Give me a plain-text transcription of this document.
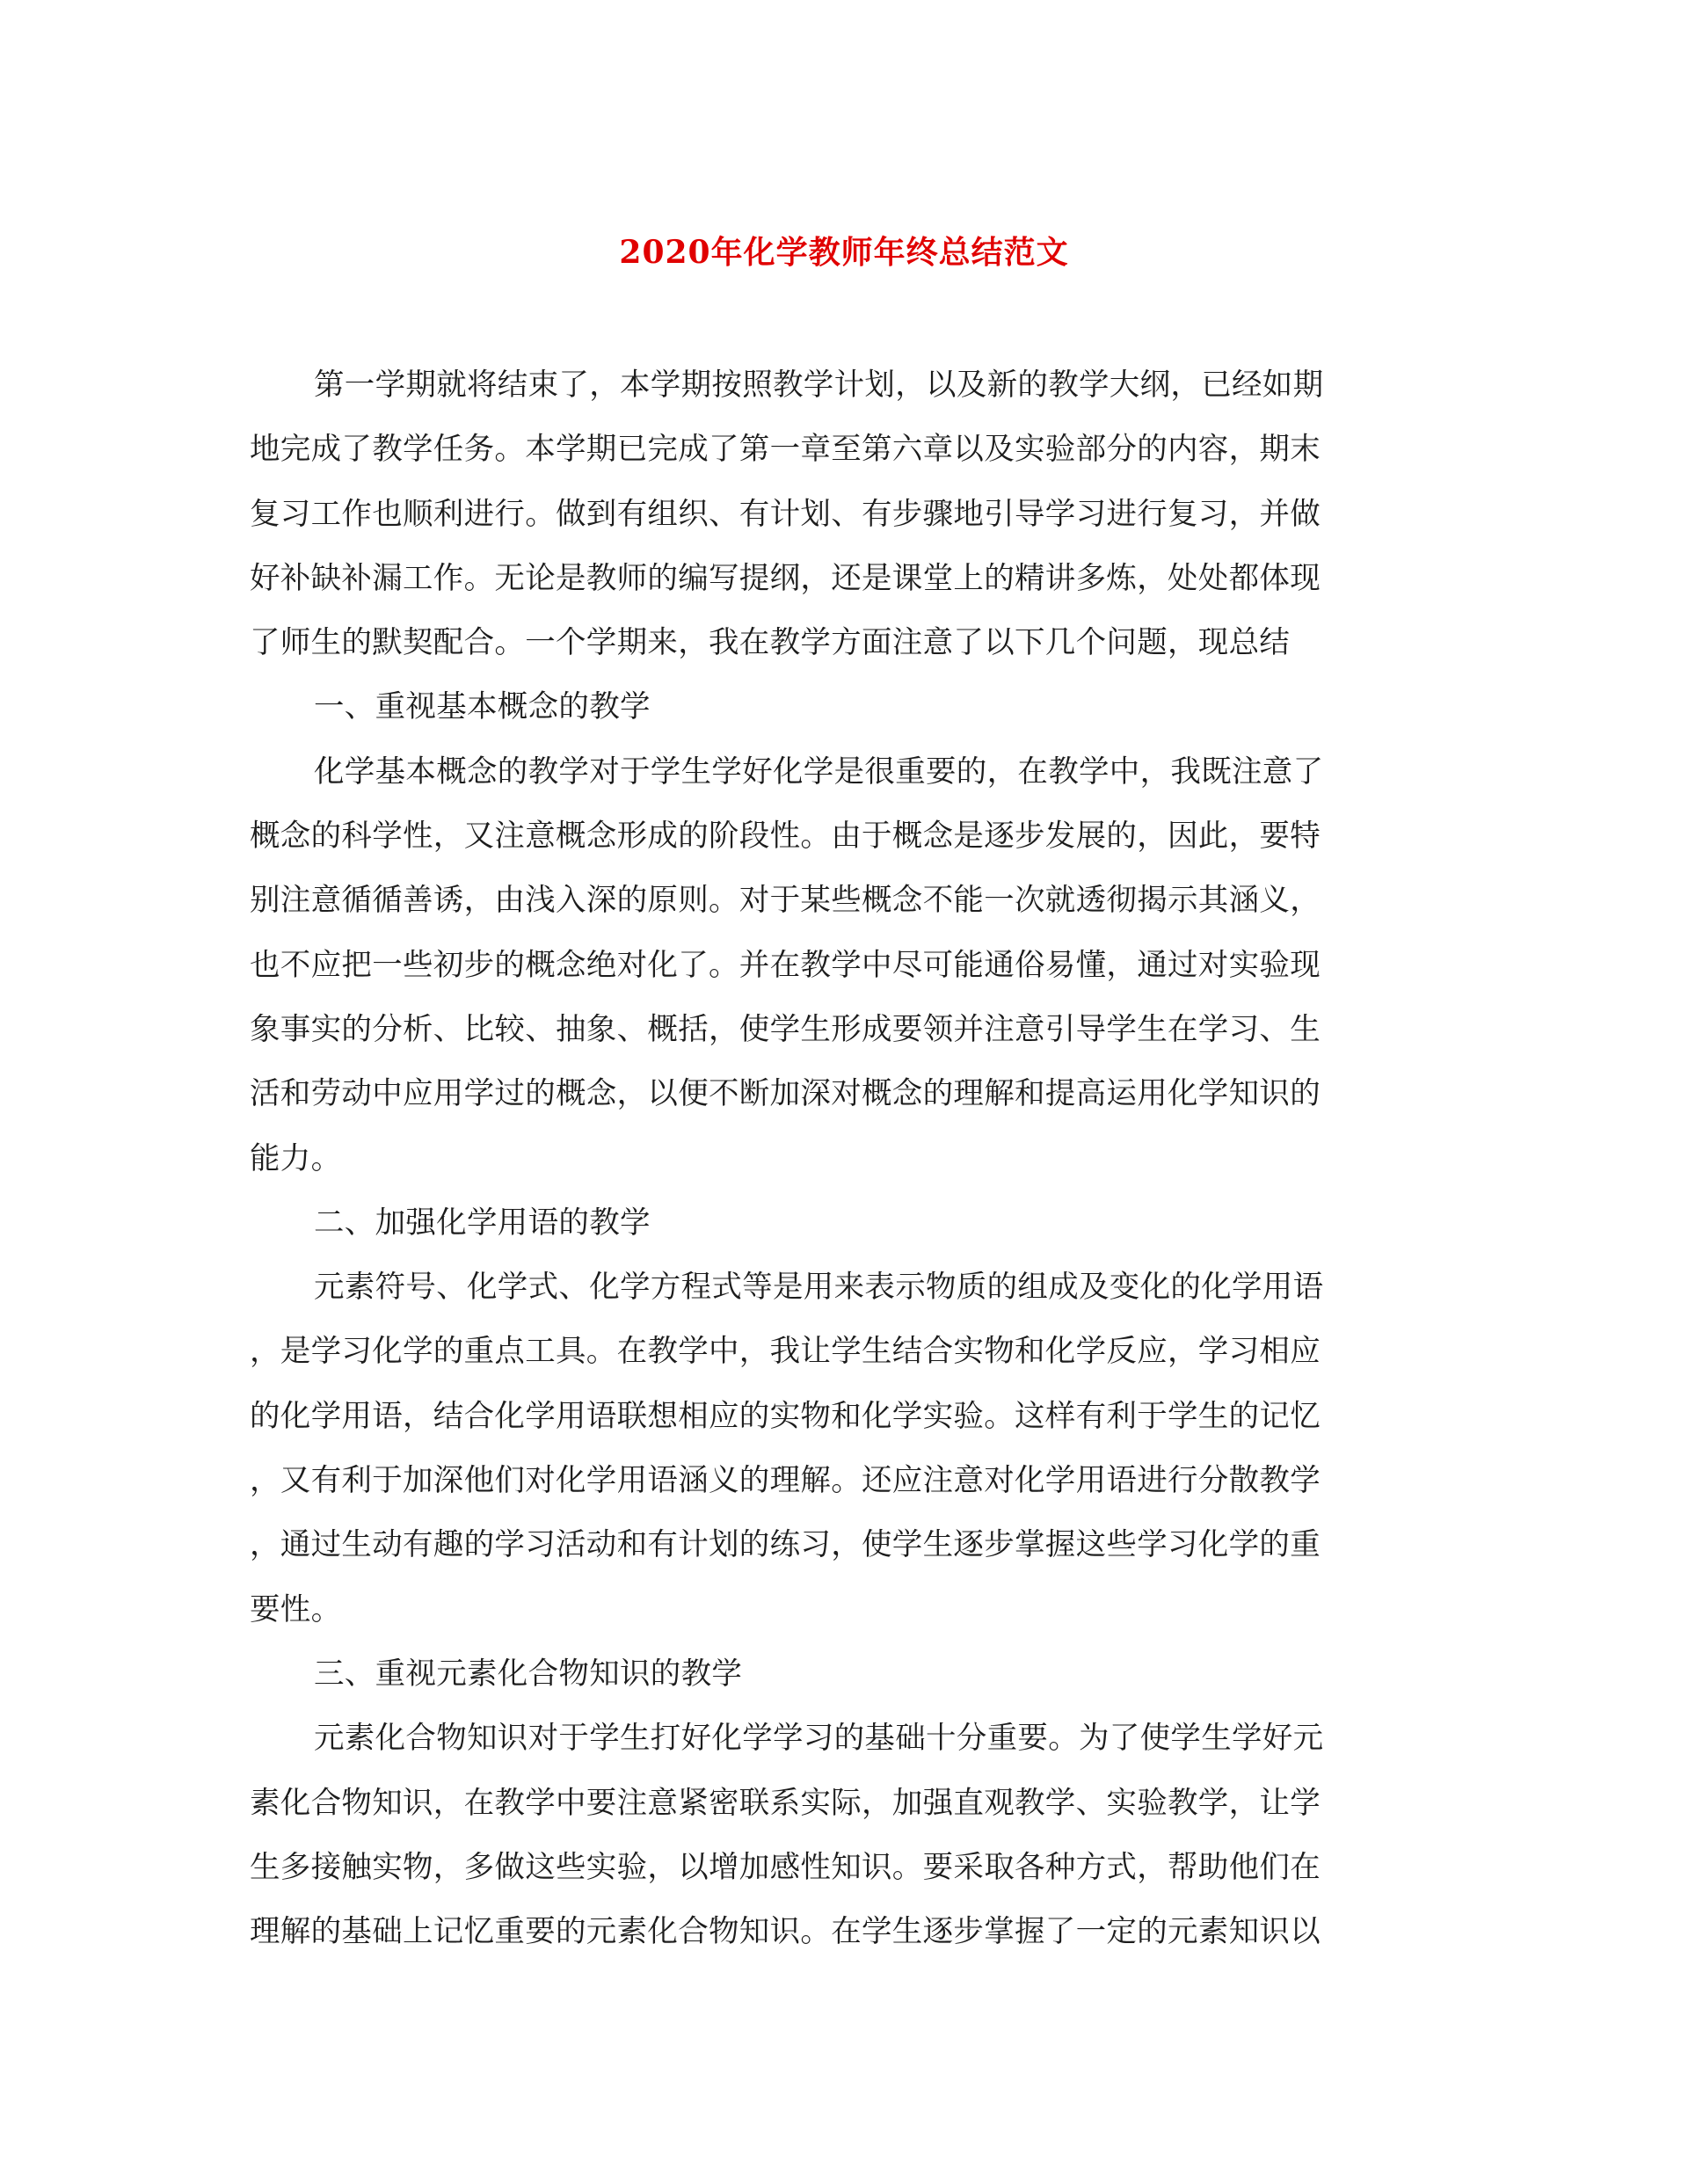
2020年化学教师年终总结范文
第一学期就将结束了，本学期按照教学计划，以及新的教学大纲，已经如期
地完成了教学任务。本学期已完成了第一章至第六章以及实验部分的内容，期末
复习工作也顺利进行。做到有组织、有计划、有步骤地引导学习进行复习，并做
好补缺补漏工作。无论是教师的编写提纲，还是课堂上的精讲多炼，处处都体现
了师生的默契配合。一个学期来，我在教学方面注意了以下几个问题，现总结
一、重视基本概念的教学
化学基本概念的教学对于学生学好化学是很重要的，在教学中，我既注意了
概念的科学性，又注意概念形成的阶段性。由于概念是逐步发展的，因此，要特
别注意循循善诱，由浅入深的原则。对于某些概念不能一次就透彻揭示其涵义，
也不应把一些初步的概念绝对化了。并在教学中尽可能通俗易懂，通过对实验现
象事实的分析、比较、抽象、概括，使学生形成要领并注意引导学生在学习、生
活和劳动中应用学过的概念，以便不断加深对概念的理解和提高运用化学知识的
能力。
二、加强化学用语的教学
元素符号、化学式、化学方程式等是用来表示物质的组成及变化的化学用语
，是学习化学的重点工具。在教学中，我让学生结合实物和化学反应，学习相应
的化学用语，结合化学用语联想相应的实物和化学实验。这样有利于学生的记忆
，又有利于加深他们对化学用语涵义的理解。还应注意对化学用语进行分散教学
，通过生动有趣的学习活动和有计划的练习，使学生逐步掌握这些学习化学的重
要性。
三、重视元素化合物知识的教学
元素化合物知识对于学生打好化学学习的基础十分重要。为了使学生学好元
素化合物知识，在教学中要注意紧密联系实际，加强直观教学、实验教学，让学
生多接触实物，多做这些实验，以增加感性知识。要采取各种方式，帮助他们在
理解的基础上记忆重要的元素化合物知识。在学生逐步掌握了一定的元素知识以
